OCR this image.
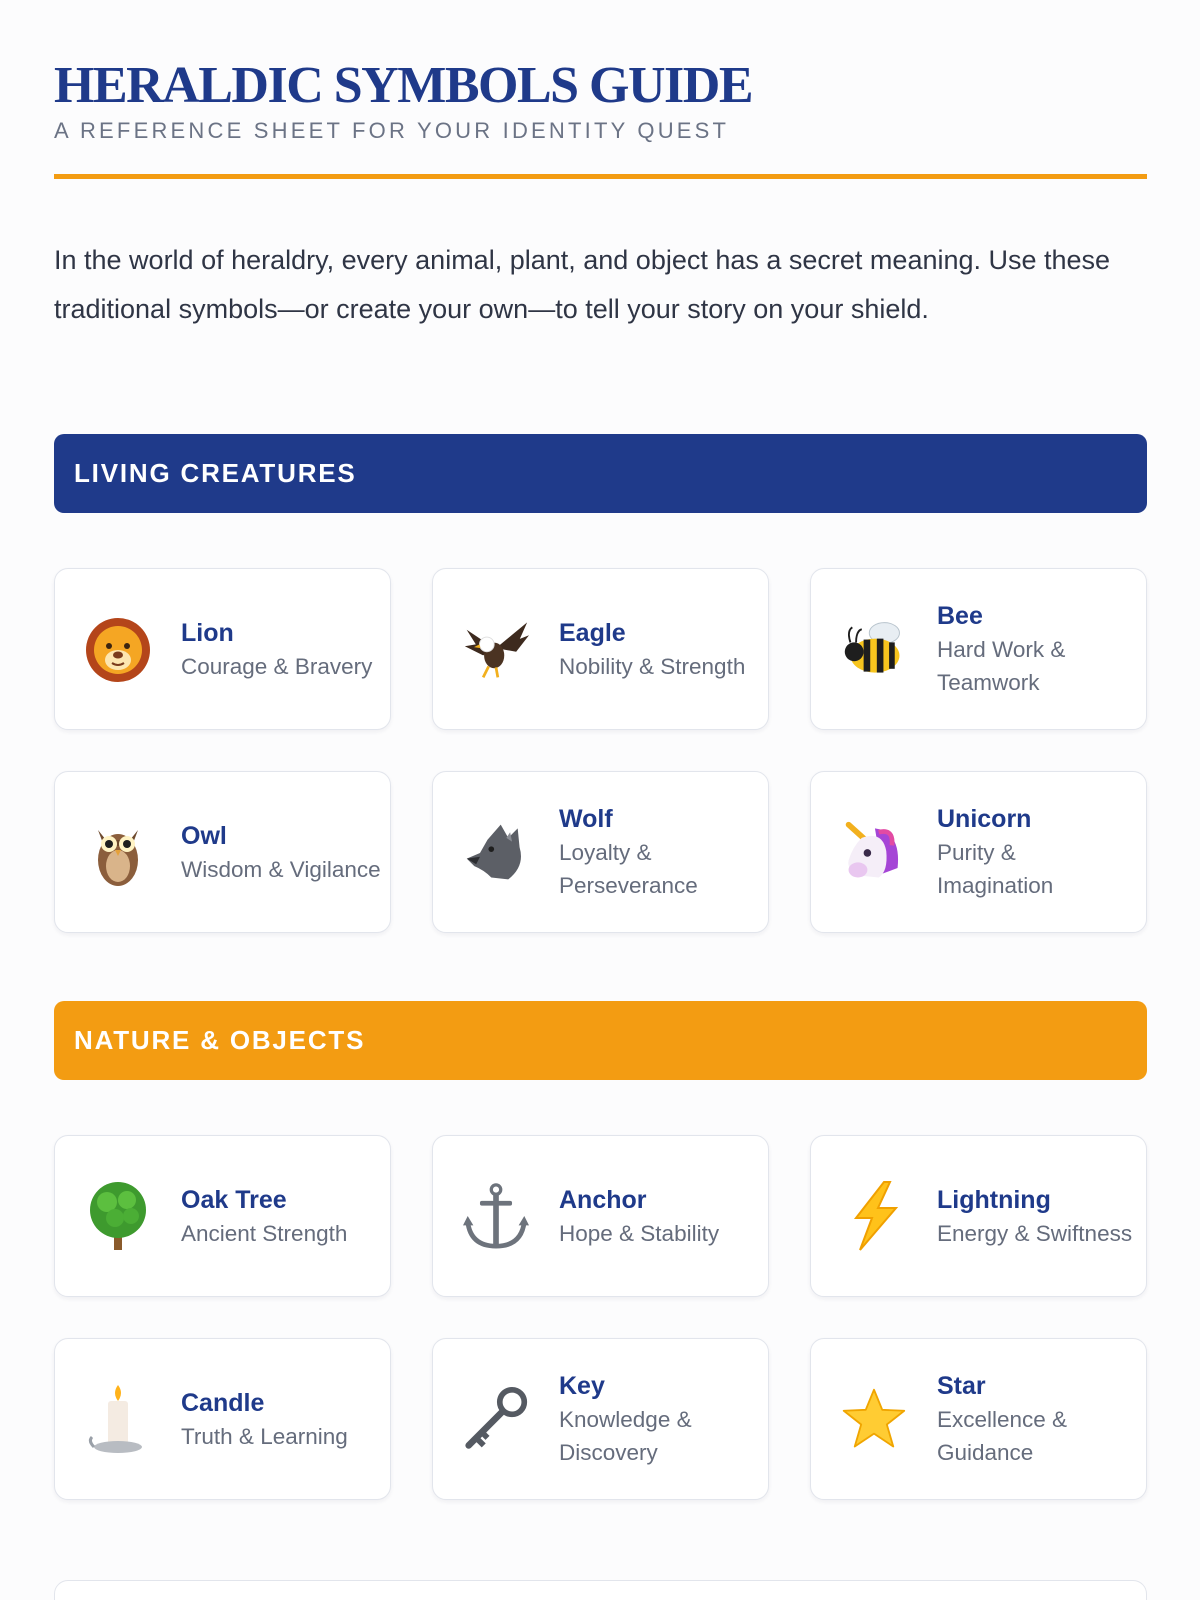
HERALDIC SYMBOLS GUIDE
A REFERENCE SHEET FOR YOUR IDENTITY QUEST

In the world of heraldry, every animal, plant, and object has a secret meaning. Use these traditional symbols—or create your own—to tell your story on your shield.

LIVING CREATURES
Lion
Courage & Bravery
Eagle
Nobility & Strength
Bee
Hard Work & Teamwork
Owl
Wisdom & Vigilance
Wolf
Loyalty & Perseverance
Unicorn
Purity & Imagination
NATURE & OBJECTS
Oak Tree
Ancient Strength
Anchor
Hope & Stability
Lightning
Energy & Swiftness
Candle
Truth & Learning
Key
Knowledge & Discovery
Star
Excellence & Guidance
